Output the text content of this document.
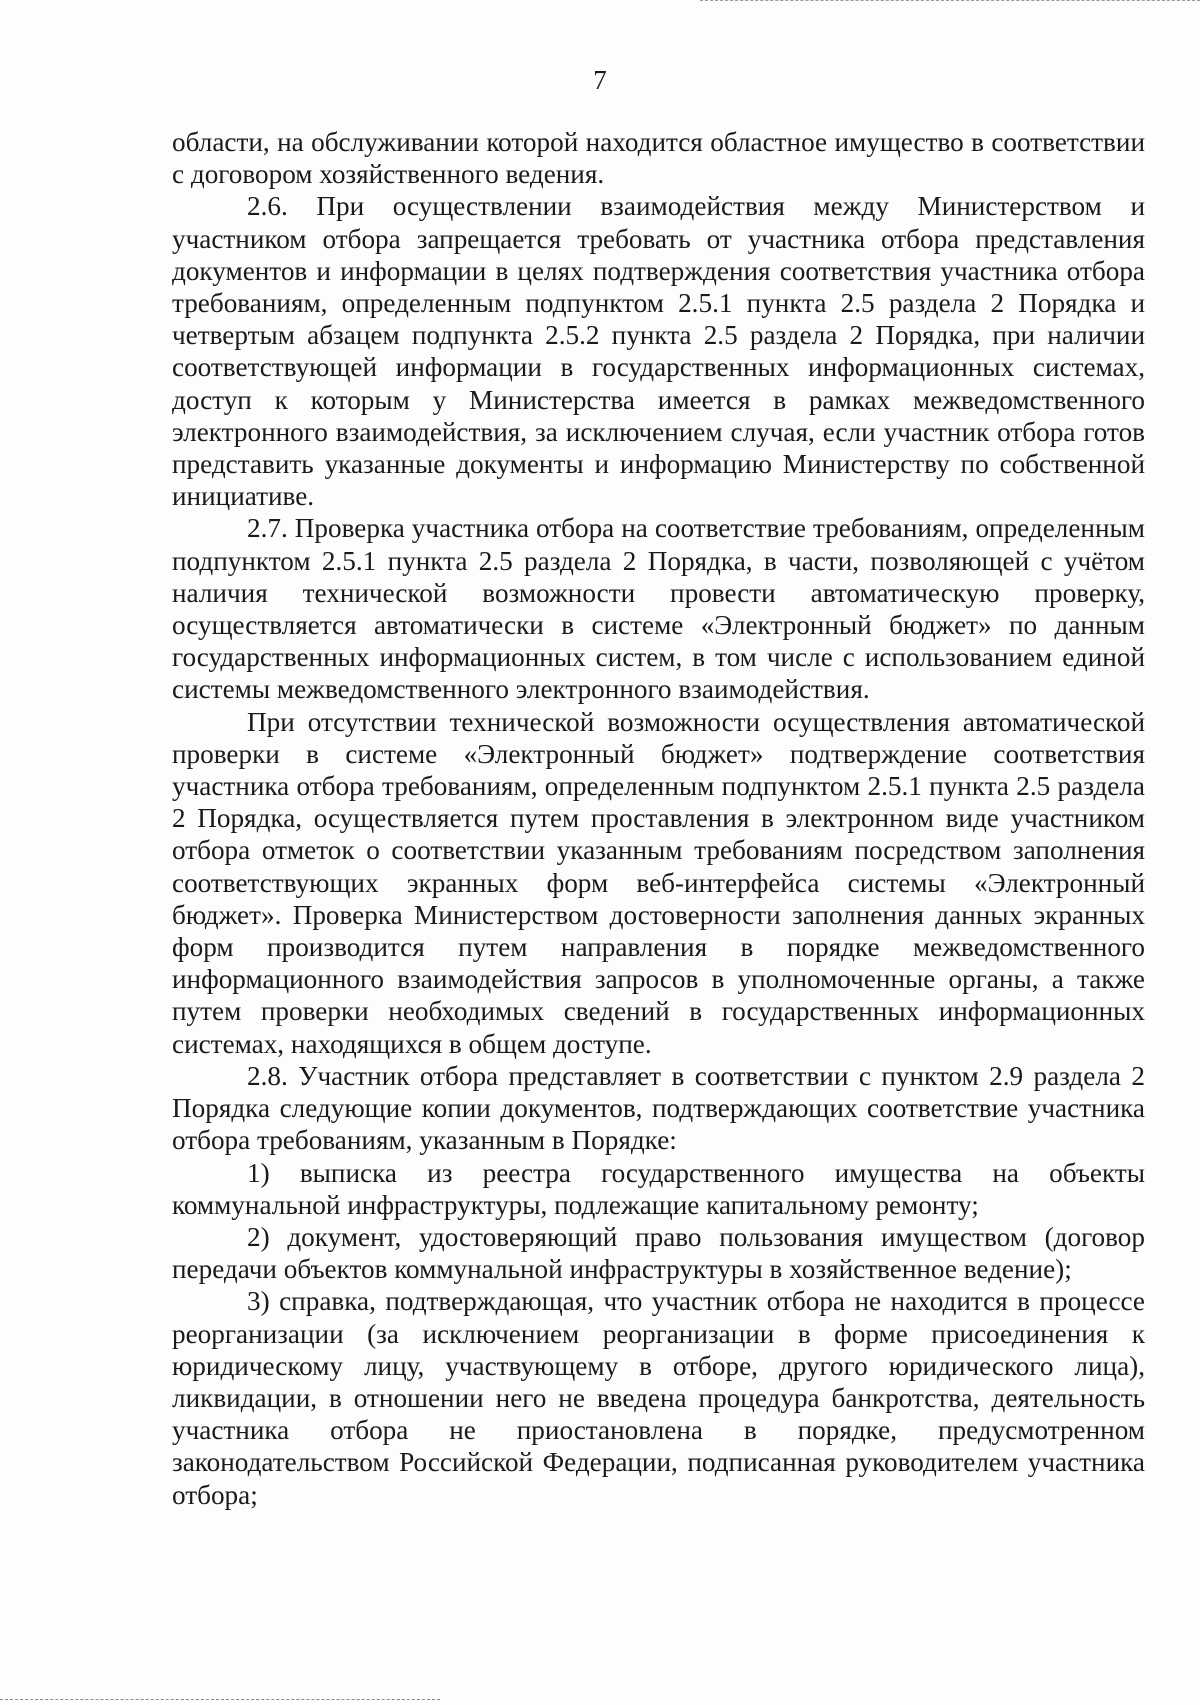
7

области, на обслуживании которой находится областное имущество в соответствии с договором хозяйственного ведения.

2.6. При осуществлении взаимодействия между Министерством и участником отбора запрещается требовать от участника отбора представления документов и информации в целях подтверждения соответствия участника отбора требованиям, определенным подпунктом 2.5.1 пункта 2.5 раздела 2 Порядка и четвертым абзацем подпункта 2.5.2 пункта 2.5 раздела 2 Порядка, при наличии соответствующей информации в государственных информационных системах, доступ к которым у Министерства имеется в рамках межведомственного электронного взаимодействия, за исключением случая, если участник отбора готов представить указанные документы и информацию Министерству по собственной инициативе.

2.7. Проверка участника отбора на соответствие требованиям, определенным подпунктом 2.5.1 пункта 2.5 раздела 2 Порядка, в части, позволяющей с учётом наличия технической возможности провести автоматическую проверку, осуществляется автоматически в системе «Электронный бюджет» по данным государственных информационных систем, в том числе с использованием единой системы межведомственного электронного взаимодействия.

При отсутствии технической возможности осуществления автоматической проверки в системе «Электронный бюджет» подтверждение соответствия участника отбора требованиям, определенным подпунктом 2.5.1 пункта 2.5 раздела 2 Порядка, осуществляется путем проставления в электронном виде участником отбора отметок о соответствии указанным требованиям посредством заполнения соответствующих экранных форм веб-интерфейса системы «Электронный бюджет». Проверка Министерством достоверности заполнения данных экранных форм производится путем направления в порядке межведомственного информационного взаимодействия запросов в уполномоченные органы, а также путем проверки необходимых сведений в государственных информационных системах, находящихся в общем доступе.

2.8. Участник отбора представляет в соответствии с пунктом 2.9 раздела 2 Порядка следующие копии документов, подтверждающих соответствие участника отбора требованиям, указанным в Порядке:

1) выписка из реестра государственного имущества на объекты коммунальной инфраструктуры, подлежащие капитальному ремонту;

2) документ, удостоверяющий право пользования имуществом (договор передачи объектов коммунальной инфраструктуры в хозяйственное ведение);

3) справка, подтверждающая, что участник отбора не находится в процессе реорганизации (за исключением реорганизации в форме присоединения к юридическому лицу, участвующему в отборе, другого юридического лица), ликвидации, в отношении него не введена процедура банкротства, деятельность участника отбора не приостановлена в порядке, предусмотренном законодательством Российской Федерации, подписанная руководителем участника отбора;
